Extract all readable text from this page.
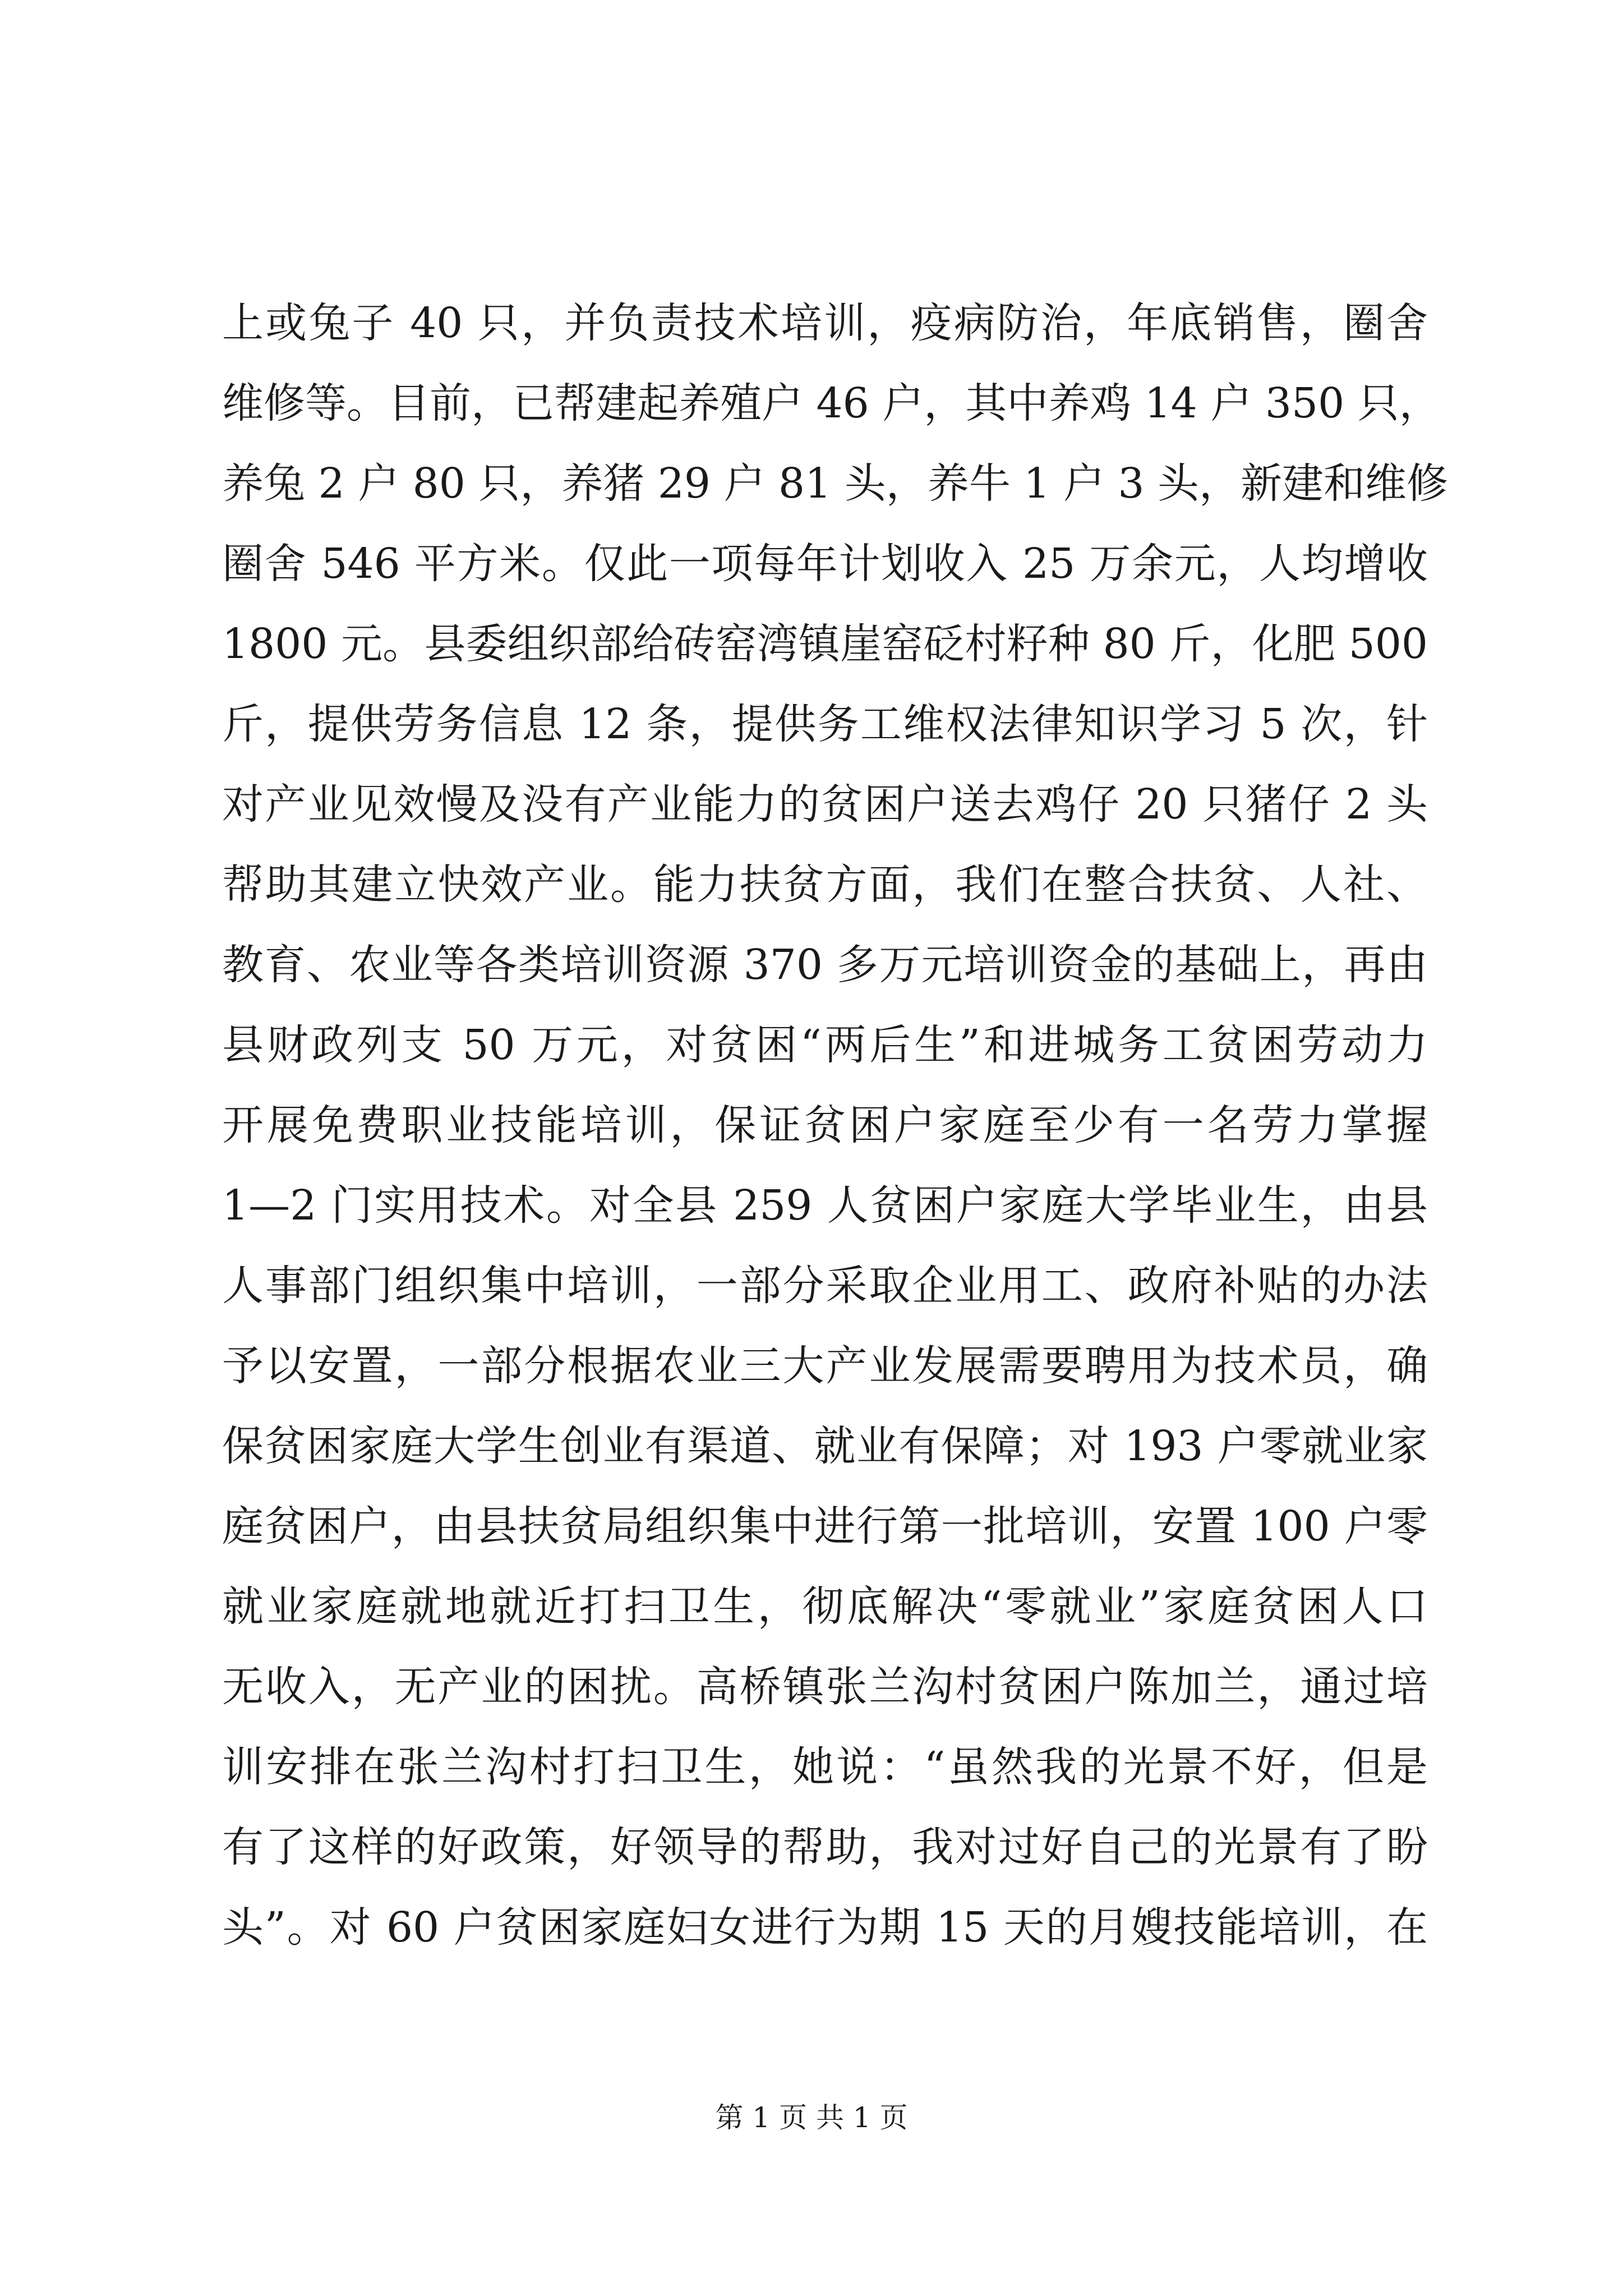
上或兔子 40 只，并负责技术培训，疫病防治，年底销售，圈舍
维修等。目前，已帮建起养殖户 46 户，其中养鸡 14 户 350 只，
养兔 2 户 80 只，养猪 29 户 81 头，养牛 1 户 3 头，新建和维修
圈舍 546 平方米。仅此一项每年计划收入 25 万余元，人均增收
1800 元。县委组织部给砖窑湾镇崖窑砭村籽种 80 斤，化肥 500
斤，提供劳务信息 12 条，提供务工维权法律知识学习 5 次，针
对产业见效慢及没有产业能力的贫困户送去鸡仔 20 只猪仔 2 头
帮助其建立快效产业。能力扶贫方面，我们在整合扶贫、人社、
教育、农业等各类培训资源 370 多万元培训资金的基础上，再由
县财政列支 50 万元，对贫困“两后生”和进城务工贫困劳动力
开展免费职业技能培训，保证贫困户家庭至少有一名劳力掌握
1—2 门实用技术。对全县 259 人贫困户家庭大学毕业生，由县
人事部门组织集中培训，一部分采取企业用工、政府补贴的办法
予以安置，一部分根据农业三大产业发展需要聘用为技术员，确
保贫困家庭大学生创业有渠道、就业有保障；对 193 户零就业家
庭贫困户，由县扶贫局组织集中进行第一批培训，安置 100 户零
就业家庭就地就近打扫卫生，彻底解决“零就业”家庭贫困人口
无收入，无产业的困扰。高桥镇张兰沟村贫困户陈加兰，通过培
训安排在张兰沟村打扫卫生，她说：“虽然我的光景不好，但是
有了这样的好政策，好领导的帮助，我对过好自己的光景有了盼
头”。对 60 户贫困家庭妇女进行为期 15 天的月嫂技能培训，在
第 1 页 共 1 页
